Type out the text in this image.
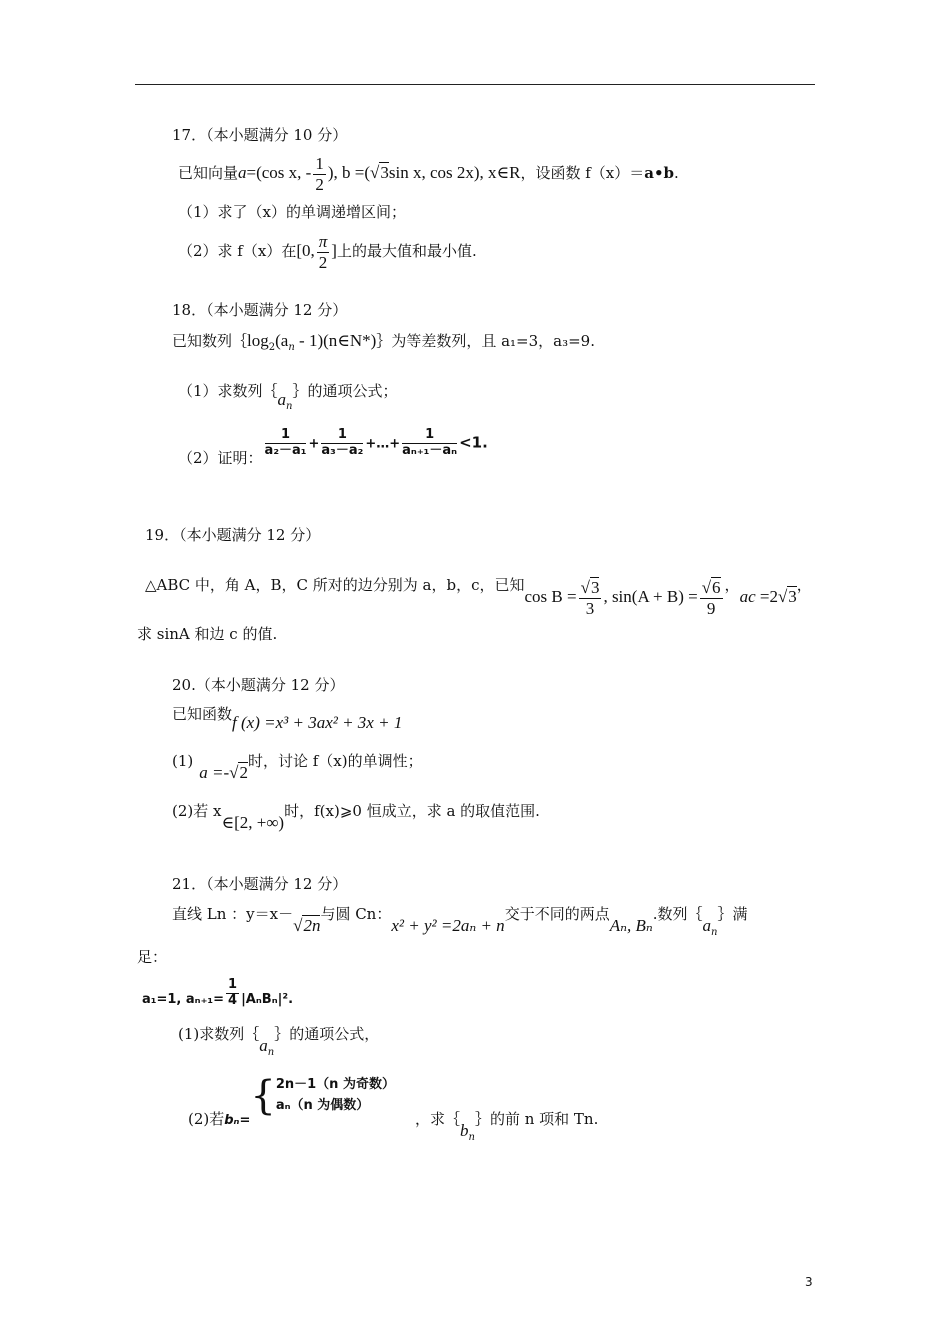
17．（本小题满分 10 分）
已知向量a=(cos x, - $\frac{1}{2}$ ), b =(√3sin x, cos 2x), x∈R，设函数 f（x）＝a•b.
（1）求了（x）的单调递增区间；
（2）求 f（x）在[0, $\frac{\pi}{2}$ ]上的最大值和最小值.
18．（本小题满分 12 分）
已知数列$\{\log_2(a_n$ - 1)(n∈N*)｝为等差数列，且 a₁=3，a₃=9.
（1）求数列$\{a_n\}$的通项公式；
（2）证明： $\frac{1}{\text{a₂－a₁}} + \frac{1}{\text{a₃－a₂}}$ +…+ $\frac{1}{\text{aₙ₊₁－aₙ}} <1$.
19．（本小题满分 12 分）
△ABC 中，角 A，B，C 所对的边分别为 a，b，c，已知$\cos B = \frac{√3}{3}$ , $\sin(A + B) = \frac{√6}{9}$ ，ac =2√3，
求 sinA 和边 c 的值.
20.（本小题满分 12 分）
已知函数f (x) =x³ + 3ax² + 3x + 1
(1)a =-√2时，讨论 f（x)的单调性；
(2)若 x∈[2, +∞)时，f(x)⩾0 恒成立，求 a 的取值范围.
21．（本小题满分 12 分）
直线 Ln ：y＝x－√2n与圆 Cn：x² + y² =2aₙ + n交于不同的两点Aₙ, Bₙ.数列$\{a_n\}$满
足：
a₁=1, $a_{n+1}= \frac{1}{4} |A_nB_n|^2$.
(1)求数列$\{a_n\}$的通项公式，
(2)若bₙ={ 2n－1（n 为奇数）
aₙ（n 为偶数）
，求$\{b_n\}$的前 n 项和 Tn.
3
